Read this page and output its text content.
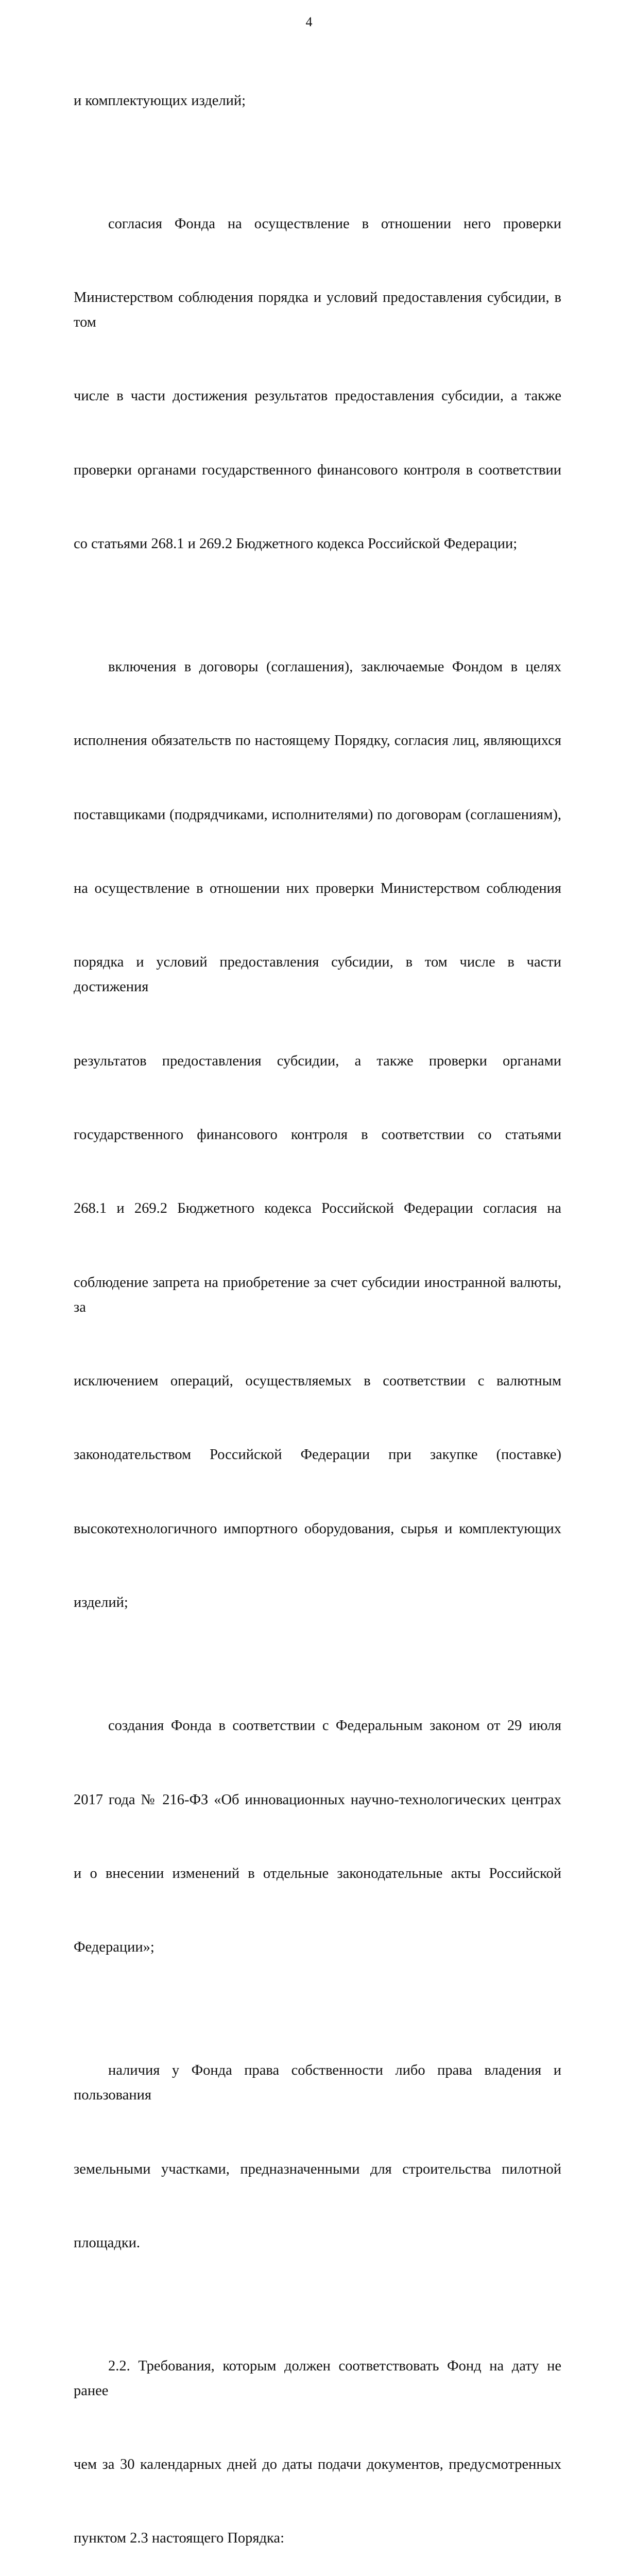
4

и комплектующих изделий;

согласия Фонда на осуществление в отношении него проверки

Министерством соблюдения порядка и условий предоставления субсидии, в том

числе в части достижения результатов предоставления субсидии, а также

проверки органами государственного финансового контроля в соответствии

со статьями 268.1 и 269.2 Бюджетного кодекса Российской Федерации;

включения в договоры (соглашения), заключаемые Фондом в целях

исполнения обязательств по настоящему Порядку, согласия лиц, являющихся

поставщиками (подрядчиками, исполнителями) по договорам (соглашениям),

на осуществление в отношении них проверки Министерством соблюдения

порядка и условий предоставления субсидии, в том числе в части достижения

результатов предоставления субсидии, а также проверки органами

государственного финансового контроля в соответствии со статьями

268.1 и 269.2 Бюджетного кодекса Российской Федерации согласия на

соблюдение запрета на приобретение за счет субсидии иностранной валюты, за

исключением операций, осуществляемых в соответствии с валютным

законодательством Российской Федерации при закупке (поставке)

высокотехнологичного импортного оборудования, сырья и комплектующих

изделий;

создания Фонда в соответствии с Федеральным законом от 29 июля

2017 года № 216-ФЗ «Об инновационных научно-технологических центрах

и о внесении изменений в отдельные законодательные акты Российской

Федерации»;

наличия у Фонда права собственности либо права владения и пользования

земельными участками, предназначенными для строительства пилотной

площадки.

2.2. Требования, которым должен соответствовать Фонд на дату не ранее

чем за 30 календарных дней до даты подачи документов, предусмотренных

пунктом 2.3 настоящего Порядка:
